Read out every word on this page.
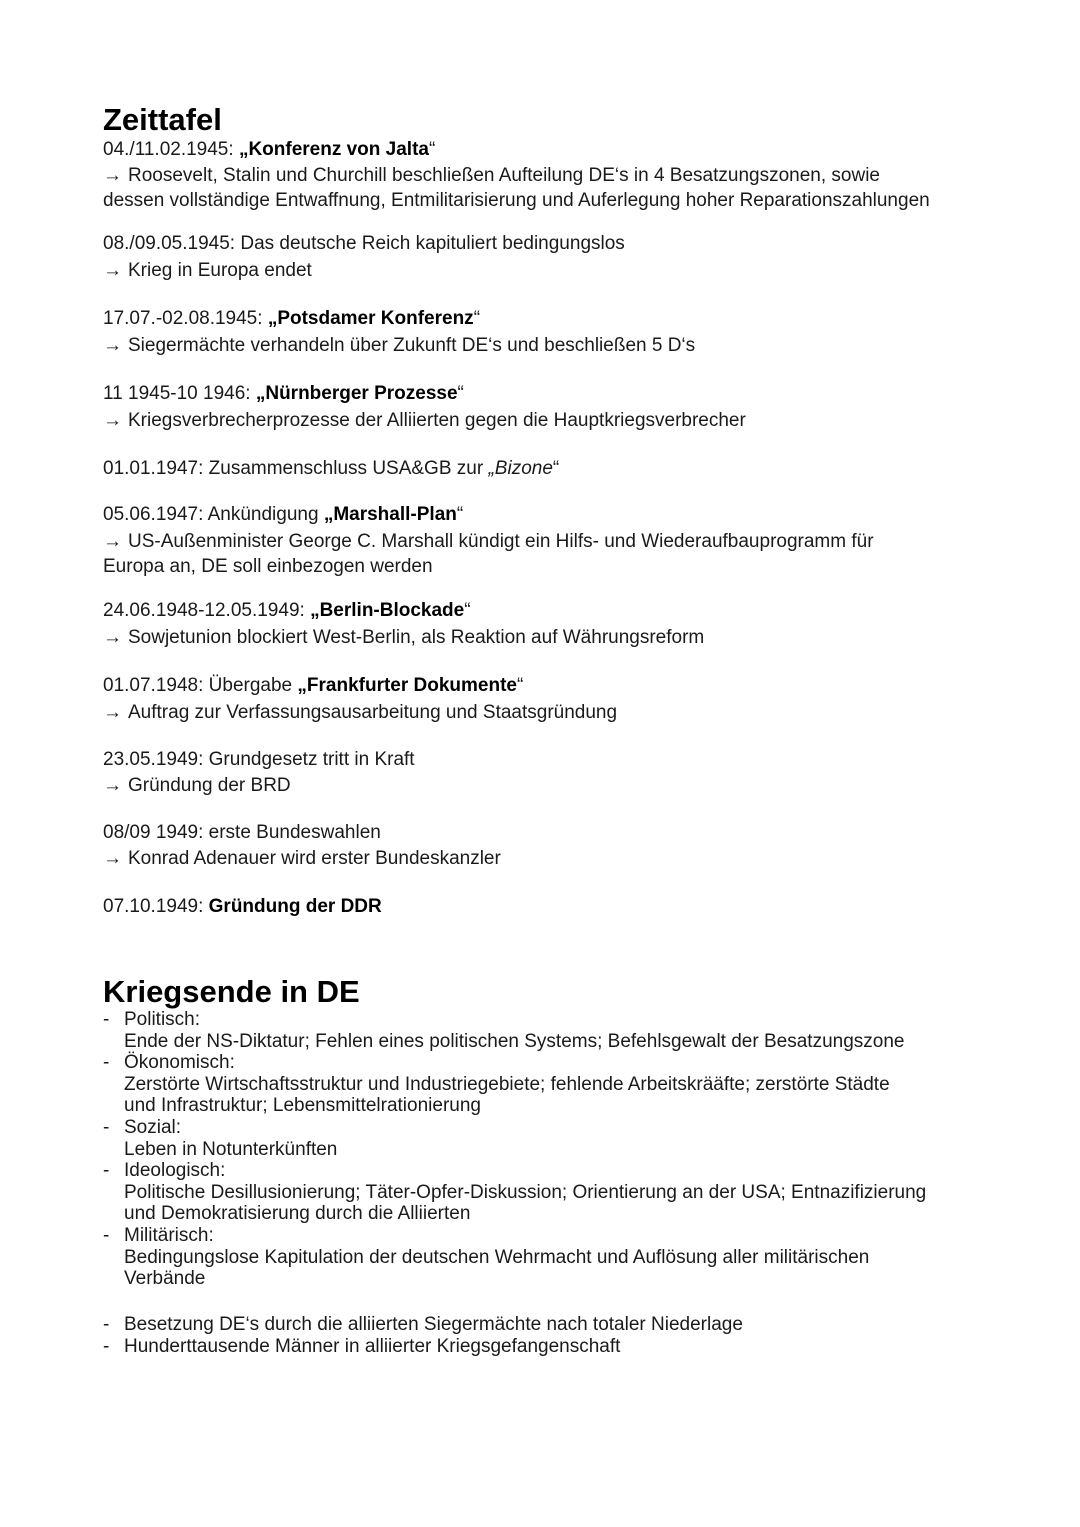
Zeittafel

04./11.02.1945: „Konferenz von Jalta“

→ Roosevelt, Stalin und Churchill beschließen Aufteilung DE‘s in 4 Besatzungszonen, sowie

dessen vollständige Entwaffnung, Entmilitarisierung und Auferlegung hoher Reparationszahlungen

08./09.05.1945: Das deutsche Reich kapituliert bedingungslos

→ Krieg in Europa endet

17.07.-02.08.1945: „Potsdamer Konferenz“

→ Siegermächte verhandeln über Zukunft DE‘s und beschließen 5 D‘s

11 1945-10 1946: „Nürnberger Prozesse“

→ Kriegsverbrecherprozesse der Alliierten gegen die Hauptkriegsverbrecher

01.01.1947: Zusammenschluss USA&GB zur „Bizone“

05.06.1947: Ankündigung „Marshall-Plan“

→ US-Außenminister George C. Marshall kündigt ein Hilfs- und Wiederaufbauprogramm für

Europa an, DE soll einbezogen werden

24.06.1948-12.05.1949: „Berlin-Blockade“

→ Sowjetunion blockiert West-Berlin, als Reaktion auf Währungsreform

01.07.1948: Übergabe „Frankfurter Dokumente“

→ Auftrag zur Verfassungsausarbeitung und Staatsgründung

23.05.1949: Grundgesetz tritt in Kraft

→ Gründung der BRD

08/09 1949: erste Bundeswahlen

→ Konrad Adenauer wird erster Bundeskanzler

07.10.1949: Gründung der DDR

Kriegsende in DE
- Politisch:
Ende der NS-Diktatur; Fehlen eines politischen Systems; Befehlsgewalt der Besatzungszone
- Ökonomisch:
Zerstörte Wirtschaftsstruktur und Industriegebiete; fehlende Arbeitskrääfte; zerstörte Städte
und Infrastruktur; Lebensmittelrationierung
- Sozial:
Leben in Notunterkünften
- Ideologisch:
Politische Desillusionierung; Täter-Opfer-Diskussion; Orientierung an der USA; Entnazifizierung
und Demokratisierung durch die Alliierten
- Militärisch:
Bedingungslose Kapitulation der deutschen Wehrmacht und Auflösung aller militärischen
Verbände
- Besetzung DE‘s durch die alliierten Siegermächte nach totaler Niederlage
- Hunderttausende Männer in alliierter Kriegsgefangenschaft
